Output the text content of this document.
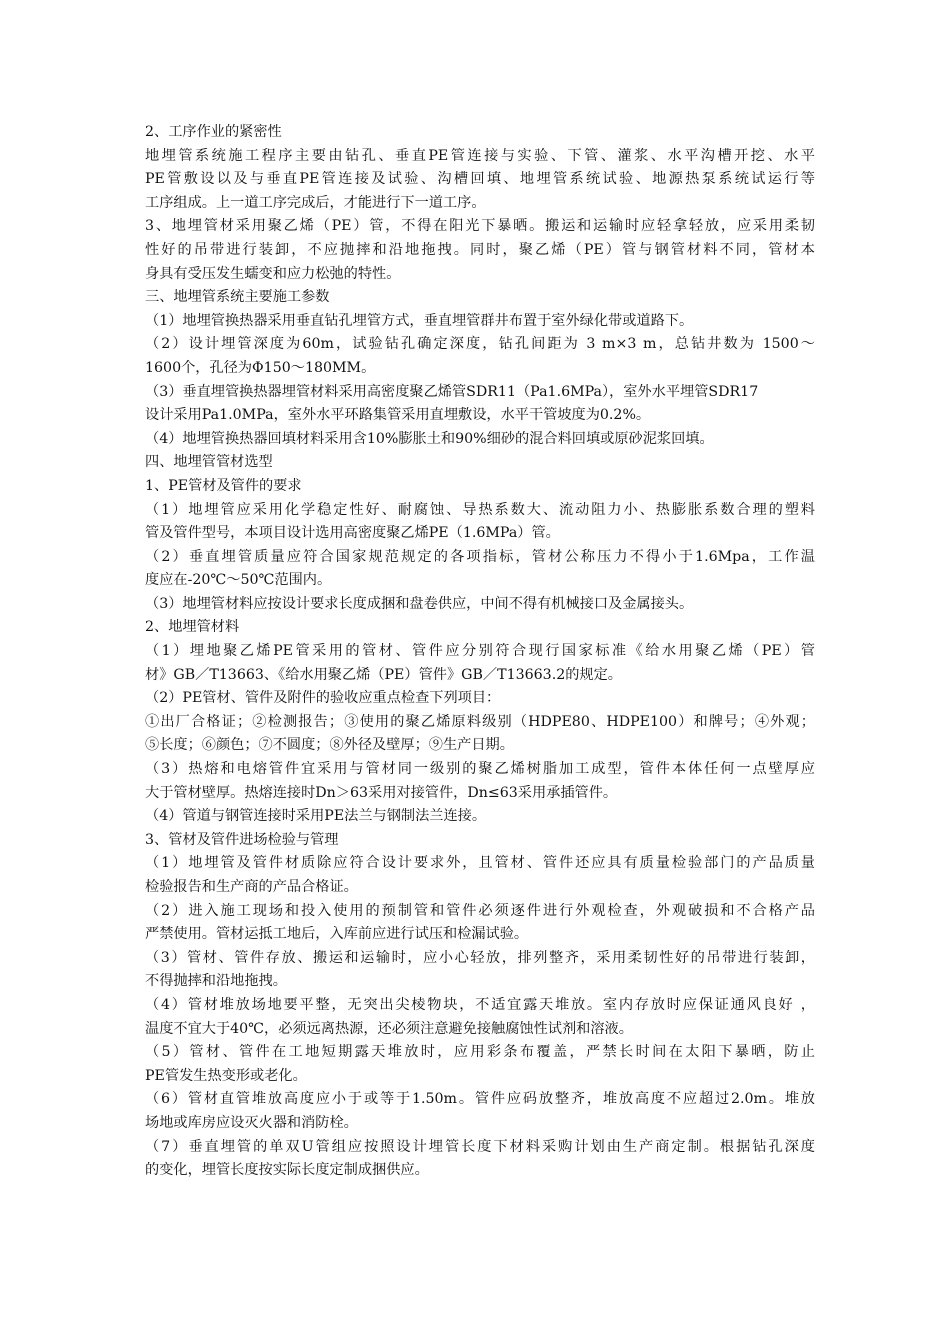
2、工序作业的紧密性
地埋管系统施工程序主要由钻孔、垂直PE管连接与实验、下管、灌浆、水平沟槽开挖、水平
PE管敷设以及与垂直PE管连接及试验、沟槽回填、地埋管系统试验、地源热泵系统试运行等
工序组成。上一道工序完成后，才能进行下一道工序。
3、地埋管材采用聚乙烯（PE）管，不得在阳光下暴晒。搬运和运输时应轻拿轻放，应采用柔韧
性好的吊带进行装卸，不应抛摔和沿地拖拽。同时，聚乙烯（PE）管与钢管材料不同，管材本
身具有受压发生蠕变和应力松弛的特性。
三、地埋管系统主要施工参数
（1）地埋管换热器采用垂直钻孔埋管方式，垂直埋管群井布置于室外绿化带或道路下。
（2）设计埋管深度为60m，试验钻孔确定深度，钻孔间距为 3 m×3 m，总钻井数为 1500～
1600个，孔径为Φ150～180MM。
（3）垂直埋管换热器埋管材料采用高密度聚乙烯管SDR11（Pa1.6MPa），室外水平埋管SDR17
设计采用Pa1.0MPa，室外水平环路集管采用直埋敷设，水平干管坡度为0.2%。
（4）地埋管换热器回填材料采用含10%膨胀土和90%细砂的混合料回填或原砂泥浆回填。
四、地埋管管材选型
1、PE管材及管件的要求
（1）地埋管应采用化学稳定性好、耐腐蚀、导热系数大、流动阻力小、热膨胀系数合理的塑料
管及管件型号，本项目设计选用高密度聚乙烯PE（1.6MPa）管。
（2）垂直埋管质量应符合国家规范规定的各项指标，管材公称压力不得小于1.6Mpa，工作温
度应在-20℃～50℃范围内。
（3）地埋管材料应按设计要求长度成捆和盘卷供应，中间不得有机械接口及金属接头。
2、地埋管材料
（1）埋地聚乙烯PE管采用的管材、管件应分别符合现行国家标准《给水用聚乙烯（PE）管
材》GB／T13663、《给水用聚乙烯（PE）管件》GB／T13663.2的规定。
（2）PE管材、管件及附件的验收应重点检查下列项目：
①出厂合格证；②检测报告；③使用的聚乙烯原料级别（HDPE80、HDPE100）和牌号；④外观；
⑤长度；⑥颜色；⑦不圆度；⑧外径及壁厚；⑨生产日期。
（3）热熔和电熔管件宜采用与管材同一级别的聚乙烯树脂加工成型，管件本体任何一点壁厚应
大于管材壁厚。热熔连接时Dn＞63采用对接管件，Dn≤63采用承插管件。
（4）管道与钢管连接时采用PE法兰与钢制法兰连接。
3、管材及管件进场检验与管理
（1）地埋管及管件材质除应符合设计要求外，且管材、管件还应具有质量检验部门的产品质量
检验报告和生产商的产品合格证。
（2）进入施工现场和投入使用的预制管和管件必须逐件进行外观检查，外观破损和不合格产品
严禁使用。管材运抵工地后，入库前应进行试压和检漏试验。
（3）管材、管件存放、搬运和运输时，应小心轻放，排列整齐，采用柔韧性好的吊带进行装卸，
不得抛摔和沿地拖拽。
（4）管材堆放场地要平整，无突出尖棱物块，不适宜露天堆放。室内存放时应保证通风良好 ，
温度不宜大于40℃，必须远离热源，还必须注意避免接触腐蚀性试剂和溶液。
（5）管材、管件在工地短期露天堆放时，应用彩条布覆盖，严禁长时间在太阳下暴晒，防止
PE管发生热变形或老化。
（6）管材直管堆放高度应小于或等于1.50m。管件应码放整齐，堆放高度不应超过2.0m。堆放
场地或库房应设灭火器和消防栓。
（7）垂直埋管的单双U管组应按照设计埋管长度下材料采购计划由生产商定制。根据钻孔深度
的变化，埋管长度按实际长度定制成捆供应。
